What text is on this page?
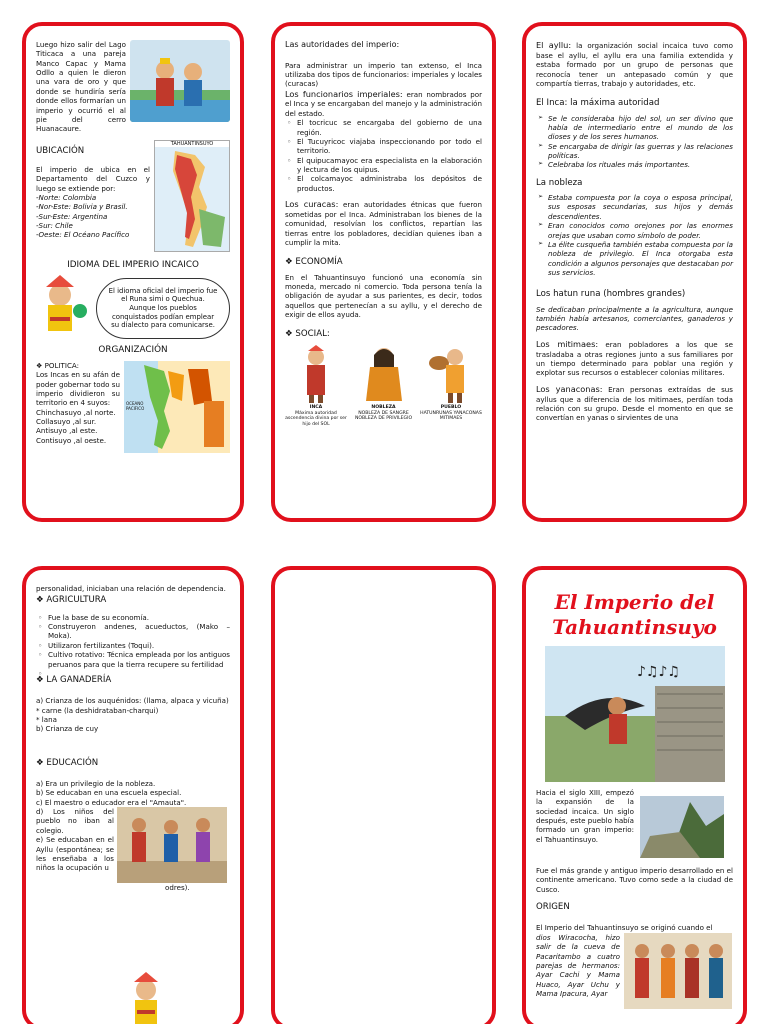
Luego hizo salir del Lago Titicaca a una pareja Manco Capac y Mama Odllo a quien le dieron una vara de oro y que donde se hundiría sería donde ellos formarían un imperio y ocurrió el al pie del cerro Huanacaure.

UBICACIÓN

El imperio de ubica en el Departamento del Cuzco y luego se extiende por:

-Norte: Colombia

-Nor-Este: Bolivia y Brasil.

-Sur-Este: Argentina

-Sur: Chile

-Oeste: El Océano Pacífico

TAHUANTINSUYO

IDIOMA DEL IMPERIO INCAICO

El idioma oficial del imperio fue el Runa simi o Quechua. Aunque los pueblos conquistados podían emplear su dialecto para comunicarse.

ORGANIZACIÓN

❖ POLITICA:

Los Incas en su afán de poder gobernar todo su imperio dividieron su territorio en 4 suyos:

Chinchasuyo ,al norte.

Collasuyo ,al sur.

Antisuyo ,al este.

Contisuyo ,al oeste.

OCEANO PACIFICO

Las autoridades del imperio:

Para administrar un imperio tan extenso, el Inca utilizaba dos tipos de funcionarios: imperiales y locales (curacas)

Los funcionarios imperiales: eran nombrados por el Inca y se encargaban del manejo y la administración del estado.

◦ El tocricuc se encargaba del gobierno de una región.
◦ El Tucuyricoc viajaba inspeccionando por todo el territorio.
◦ El quipucamayoc era especialista en la elaboración y lectura de los quipus.
◦ El colcamayoc administraba los depósitos de productos.

Los curacas: eran autoridades étnicas que fueron sometidas por el Inca. Administraban los bienes de la comunidad, resolvían los conflictos, repartían las tierras entre los pobladores, decidían quienes iban a cumplir la mita.

❖ ECONOMÍA

En el Tahuantinsuyo funcionó una economía sin moneda, mercado ni comercio. Toda persona tenía la obligación de ayudar a sus parientes, es decir, todos aquellos que pertenecían a su ayllu, y el derecho de exigir de ellos ayuda.

❖ SOCIAL:

INCA
Máxima autoridad ascendencia divina por ser hijo del SOL
NOBLEZA
NOBLEZA DE SANGRE NOBLEZA DE PRIVILEGIO
PUEBLO
HATUNRUNAS YANACONAS MITIMAES

El ayllu: la organización social incaica tuvo como base el ayllu, el ayllu era una familia extendida y estaba formado por un grupo de personas que reconocía tener un antepasado común y que compartía tierras, trabajo y autoridades, etc.

El Inca: la máxima autoridad

➢ Se le consideraba hijo del sol, un ser divino que había de intermediario entre el mundo de los dioses y de los seres humanos.
➢ Se encargaba de dirigir las guerras y las relaciones políticas.
➢ Celebraba los rituales más importantes.

La nobleza

➢ Estaba compuesta por la coya o esposa principal, sus esposas secundarias, sus hijos y demás descendientes.
➢ Eran conocidos como orejones por las enormes orejas que usaban como símbolo de poder.
➢ La élite cusqueña también estaba compuesta por la nobleza de privilegio. El Inca otorgaba esta condición a algunos personajes que destacaban por sus servicios.

Los hatun runa (hombres grandes)

Se dedicaban principalmente a la agricultura, aunque también había artesanos, comerciantes, ganaderos y pescadores.

Los mitimaes: eran pobladores a los que se trasladaba a otras regiones junto a sus familiares por un tiempo determinado para poblar una región y explotar sus recursos o establecer colonias militares.

Los yanaconas: Eran personas extraídas de sus ayllus que a diferencia de los mitimaes, perdían toda relación con su grupo. Desde el momento en que se convertían en yanas o sirvientes de una

personalidad, iniciaban una relación de dependencia.

❖ AGRICULTURA

◦ Fue la base de su economía.
◦ Construyeron andenes, acueductos, (Mako – Moka).
◦ Utilizaron fertilizantes (Toqui).
◦ Cultivo rotativo: Técnica empleada por los antiguos peruanos para que la tierra recupere su fertilidad

❖ LA GANADERÍA

a) Crianza de los auquénidos: (llama, alpaca y vicuña)

* carne (la deshidrataban-charqui)

* lana

b) Crianza de cuy

❖ EDUCACIÓN

a) Era un privilegio de la nobleza.

b) Se educaban en una escuela especial.

c) El maestro o educador era el "Amauta".

d) Los niños del pueblo no iban al colegio.

e) Se educaban en el Ayllu (espontánea; se les enseñaba a los niños la ocupación u

odres).

El Imperio del
Tahuantinsuyo
♪♫♪♫

Hacia el siglo XIII, empezó la expansión de la sociedad incaica. Un siglo después, este pueblo había formado un gran imperio: el Tahuantinsuyo.

Fue el más grande y antiguo imperio desarrollado en el continente americano. Tuvo como sede a la ciudad de Cusco.

ORIGEN

El Imperio del Tahuantinsuyo se originó cuando el

dios Wiracocha, hizo salir de la cueva de Pacaritambo a cuatro parejas de hermanos: Ayar Cachi y Mama Huaco, Ayar Uchu y Mama Ipacura, Ayar
